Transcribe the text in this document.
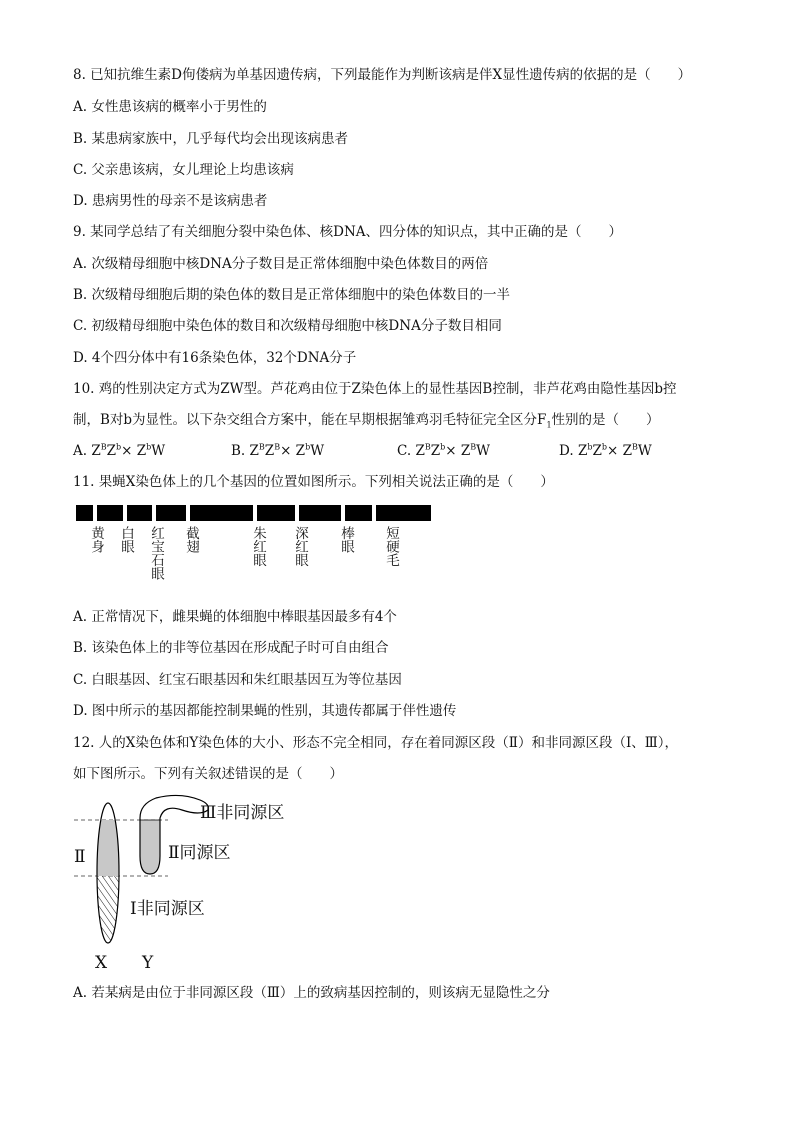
8. 已知抗维生素D佝偻病为单基因遗传病，下列最能作为判断该病是伴X显性遗传病的依据的是（　　）
A. 女性患该病的概率小于男性的
B. 某患病家族中，几乎每代均会出现该病患者
C. 父亲患该病，女儿理论上均患该病
D. 患病男性的母亲不是该病患者
9. 某同学总结了有关细胞分裂中染色体、核DNA、四分体的知识点，其中正确的是（　　）
A. 次级精母细胞中核DNA分子数目是正常体细胞中染色体数目的两倍
B. 次级精母细胞后期的染色体的数目是正常体细胞中的染色体数目的一半
C. 初级精母细胞中染色体的数目和次级精母细胞中核DNA分子数目相同
D. 4个四分体中有16条染色体，32个DNA分子
10. 鸡的性别决定方式为ZW型。芦花鸡由位于Z染色体上的显性基因B控制，非芦花鸡由隐性基因b控
制，B对b为显性。以下杂交组合方案中，能在早期根据雏鸡羽毛特征完全区分$F_1$性别的是（　　）
A. $Z^BZ^b\times Z^bW$	B. $Z^BZ^B\times Z^bW$	C. $Z^BZ^b\times Z^BW$	D. $Z^bZ^b\times Z^BW$
11. 果蝇X染色体上的几个基因的位置如图所示。下列相关说法正确的是（　　）
黄身 白眼 红宝石眼 截翅	朱红眼 深红眼 棒眼 短硬毛
A. 正常情况下，雌果蝇的体细胞中棒眼基因最多有4个
B. 该染色体上的非等位基因在形成配子时可自由组合
C. 白眼基因、红宝石眼基因和朱红眼基因互为等位基因
D. 图中所示的基因都能控制果蝇的性别，其遗传都属于伴性遗传
12. 人的X染色体和Y染色体的大小、形态不完全相同，存在着同源区段（Ⅱ）和非同源区段（Ⅰ、Ⅲ），
如下图所示。下列有关叙述错误的是（　　）
Ⅲ非同源区
Ⅱ	Ⅱ同源区
Ⅰ非同源区
X Y
A. 若某病是由位于非同源区段（Ⅲ）上的致病基因控制的，则该病无显隐性之分
